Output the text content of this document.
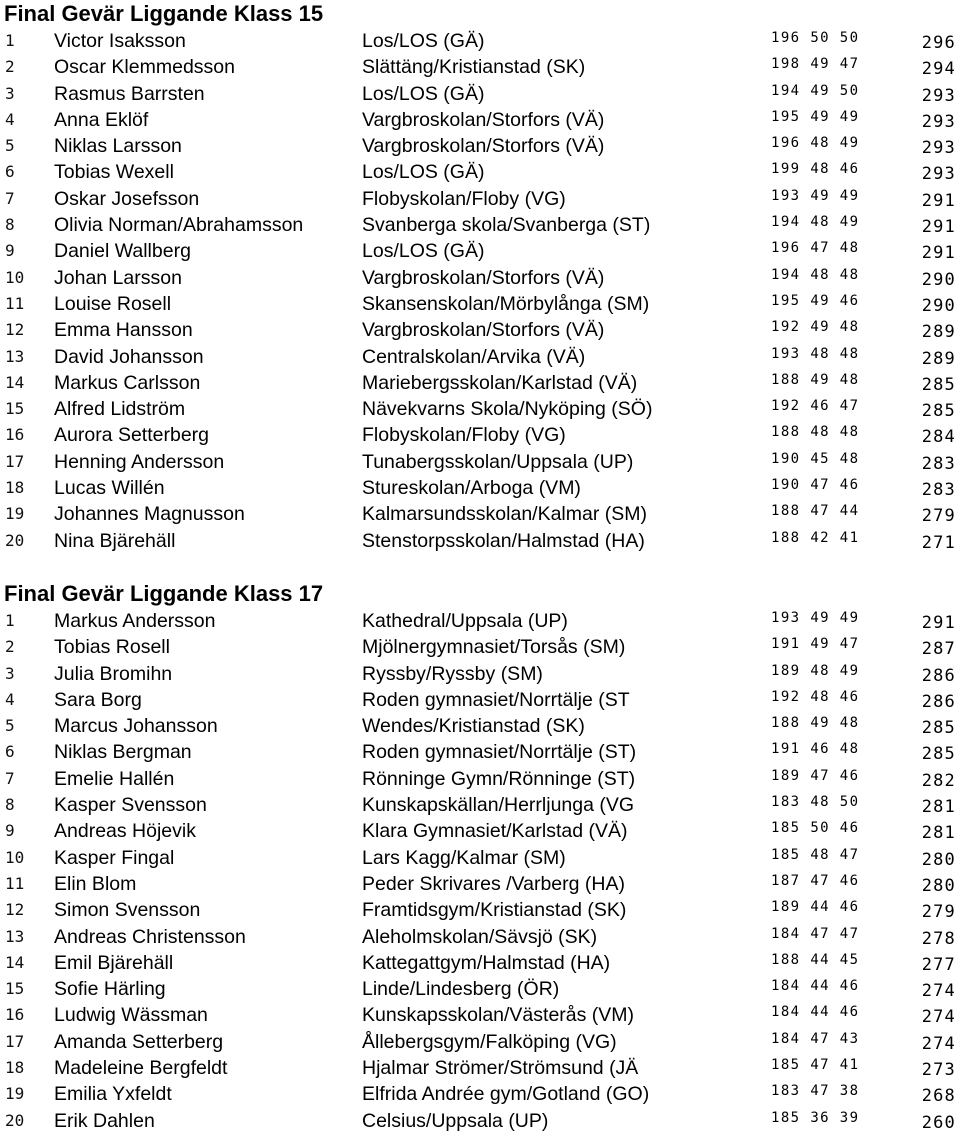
Final Gevär Liggande Klass 15
1 Victor Isaksson	Los/LOS (GÄ)	196 50 50	296
2 Oscar Klemmedsson	Slättäng/Kristianstad (SK)	198 49 47	294
3 Rasmus Barrsten	Los/LOS (GÄ)	194 49 50	293
4 Anna Eklöf	Vargbroskolan/Storfors (VÄ)	195 49 49	293
5 Niklas Larsson	Vargbroskolan/Storfors (VÄ)	196 48 49	293
6 Tobias Wexell	Los/LOS (GÄ)	199 48 46	293
7 Oskar Josefsson	Flobyskolan/Floby (VG)	193 49 49	291
8 Olivia Norman/Abrahamsson	Svanberga skola/Svanberga (ST)	194 48 49	291
9 Daniel Wallberg	Los/LOS (GÄ)	196 47 48	291
10 Johan Larsson	Vargbroskolan/Storfors (VÄ)	194 48 48	290
11 Louise Rosell	Skansenskolan/Mörbylånga (SM)	195 49 46	290
12 Emma Hansson	Vargbroskolan/Storfors (VÄ)	192 49 48	289
13 David Johansson	Centralskolan/Arvika (VÄ)	193 48 48	289
14 Markus Carlsson	Mariebergsskolan/Karlstad (VÄ)	188 49 48	285
15 Alfred Lidström	Nävekvarns Skola/Nyköping (SÖ)	192 46 47	285
16 Aurora Setterberg	Flobyskolan/Floby (VG)	188 48 48	284
17 Henning Andersson	Tunabergsskolan/Uppsala (UP)	190 45 48	283
18 Lucas Willén	Stureskolan/Arboga (VM)	190 47 46	283
19 Johannes Magnusson	Kalmarsundsskolan/Kalmar (SM)	188 47 44	279
20 Nina Bjärehäll	Stenstorpsskolan/Halmstad (HA)	188 42 41	271
Final Gevär Liggande Klass 17
1 Markus Andersson	Kathedral/Uppsala (UP)	193 49 49	291
2 Tobias Rosell	Mjölnergymnasiet/Torsås (SM)	191 49 47	287
3 Julia Bromihn	Ryssby/Ryssby (SM)	189 48 49	286
4 Sara Borg	Roden gymnasiet/Norrtälje (ST	192 48 46	286
5 Marcus Johansson	Wendes/Kristianstad (SK)	188 49 48	285
6 Niklas Bergman	Roden gymnasiet/Norrtälje (ST)	191 46 48	285
7 Emelie Hallén	Rönninge Gymn/Rönninge (ST)	189 47 46	282
8 Kasper Svensson	Kunskapskällan/Herrljunga (VG	183 48 50	281
9 Andreas Höjevik	Klara Gymnasiet/Karlstad (VÄ)	185 50 46	281
10 Kasper Fingal	Lars Kagg/Kalmar (SM)	185 48 47	280
11 Elin Blom	Peder Skrivares /Varberg (HA)	187 47 46	280
12 Simon Svensson	Framtidsgym/Kristianstad (SK)	189 44 46	279
13 Andreas Christensson	Aleholmskolan/Sävsjö (SK)	184 47 47	278
14 Emil Bjärehäll	Kattegattgym/Halmstad (HA)	188 44 45	277
15 Sofie Härling	Linde/Lindesberg (ÖR)	184 44 46	274
16 Ludwig Wässman	Kunskapsskolan/Västerås (VM)	184 44 46	274
17 Amanda Setterberg	Ållebergsgym/Falköping (VG)	184 47 43	274
18 Madeleine Bergfeldt	Hjalmar Strömer/Strömsund (JÄ	185 47 41	273
19 Emilia Yxfeldt	Elfrida Andrée gym/Gotland (GO)	183 47 38	268
20 Erik Dahlen	Celsius/Uppsala (UP)	185 36 39	260
